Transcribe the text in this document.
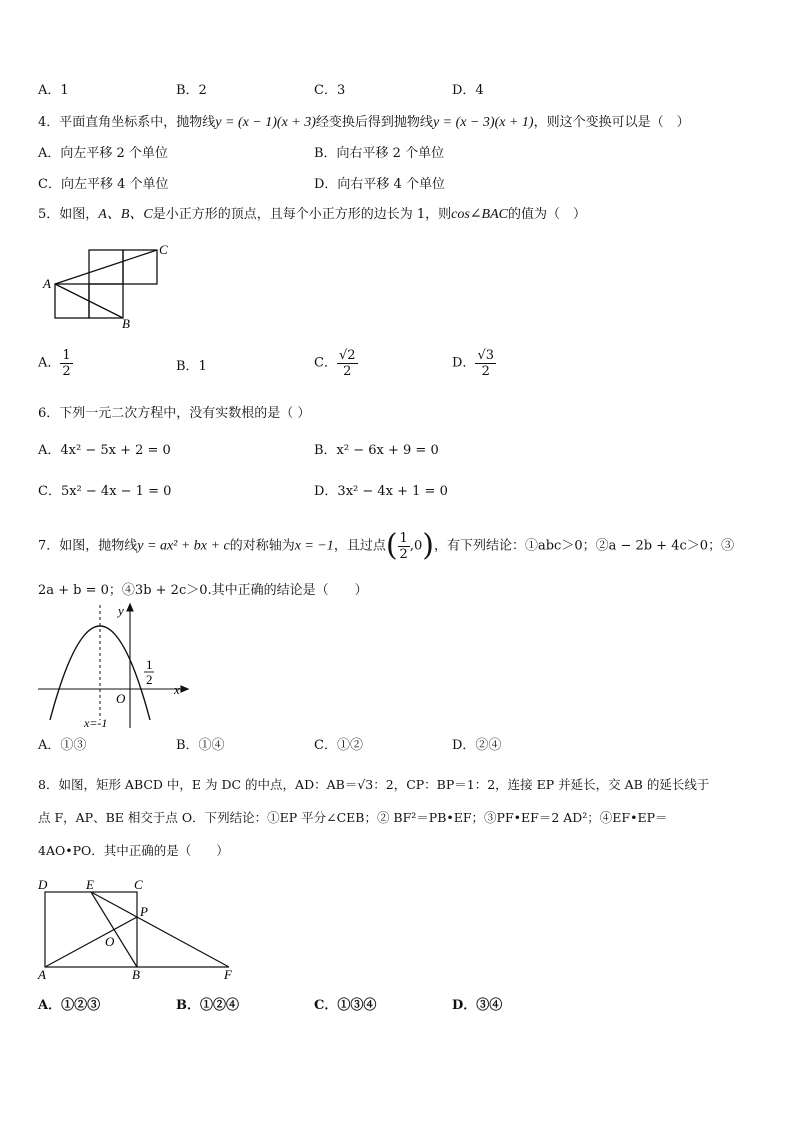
A．1	B．2	C．3	D．4
4．平面直角坐标系中，抛物线y = (x − 1)(x + 3)经变换后得到抛物线y = (x − 3)(x + 1)，则这个变换可以是（　）
A．向左平移 2 个单位	B．向右平移 2 个单位
C．向左平移 4 个单位	D．向右平移 4 个单位
5．如图，A、B、C是小正方形的顶点，且每个小正方形的边长为 1，则cos∠BAC的值为（　）
A
B
C
A． $\frac{1}{2}$	B．1	C． $\frac{√2}{2}$	D． $\frac{√3}{2}$
6．下列一元二次方程中，没有实数根的是（ ）
A．4x² − 5x + 2 = 0	B．x² − 6x + 9 = 0
C．5x² − 4x − 1 = 0	D．3x² − 4x + 1 = 0
7．如图，抛物线y = ax² + bx + c的对称轴为x = −1，且过点( $\frac{1}{2} ,0$)，有下列结论：①abc＞0；②a − 2b + 4c＞0；③
2a + b = 0；④3b + 2c＞0.其中正确的结论是（　　）
y
x
O
1
2
x=-1
A．①③	B．①④	C．①②	D．②④
8．如图，矩形 ABCD 中，E 为 DC 的中点，AD：AB＝√3：2，CP：BP＝1：2，连接 EP 并延长，交 AB 的延长线于
点 F，AP、BE 相交于点 O．下列结论：①EP 平分∠CEB；② BF²＝PB•EF；③PF•EF＝2 AD²；④EF•EP＝
4AO•PO．其中正确的是（　　）
D	E	C
P
O
A	B	F
A．①②③	B．①②④	C．①③④	D．③④
